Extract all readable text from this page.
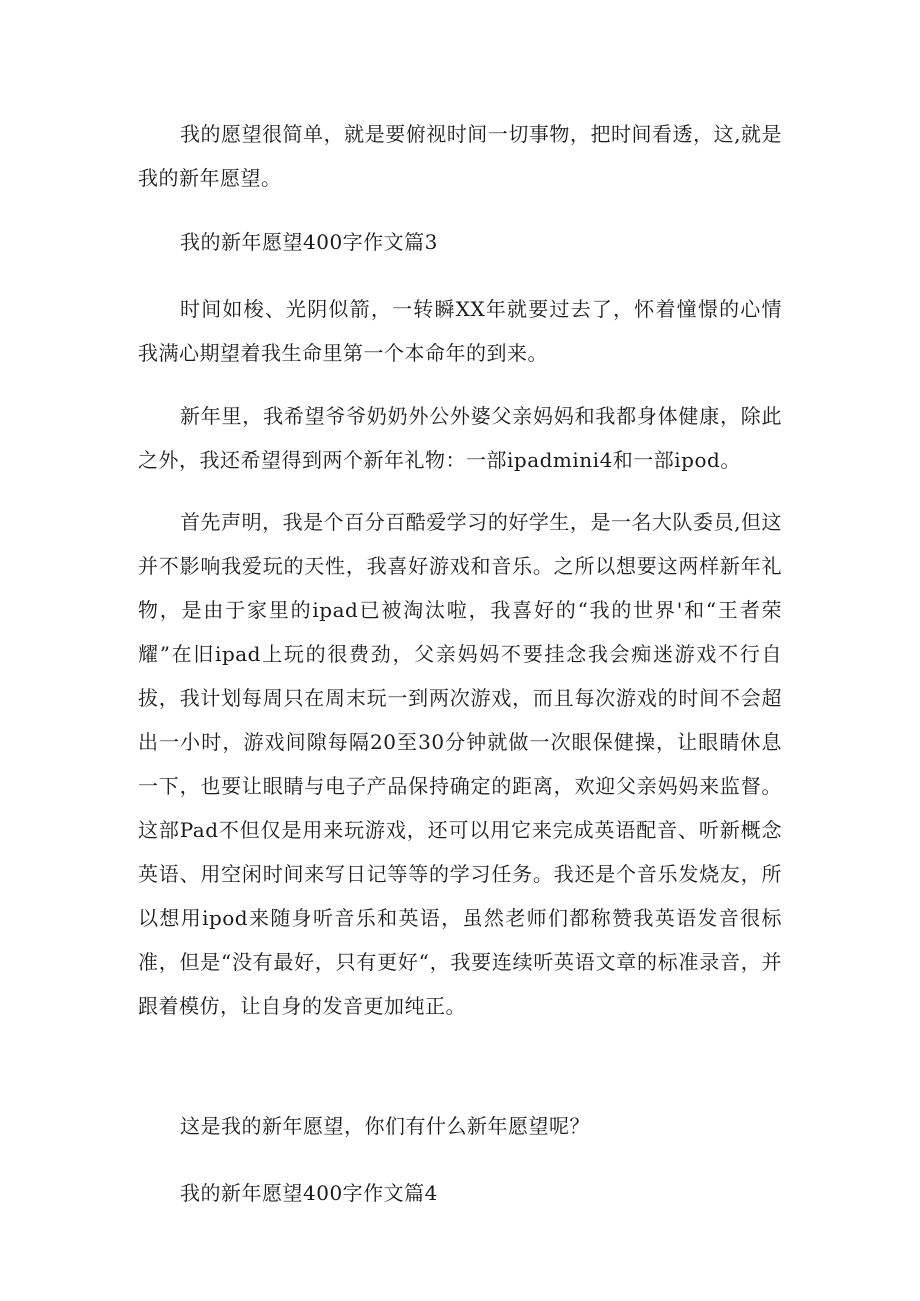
我的愿望很简单，就是要俯视时间一切事物，把时间看透，这,就是我的新年愿望。

我的新年愿望400字作文篇3

时间如梭、光阴似箭，一转瞬XX年就要过去了，怀着憧憬的心情我满心期望着我生命里第一个本命年的到来。

新年里，我希望爷爷奶奶外公外婆父亲妈妈和我都身体健康，除此之外，我还希望得到两个新年礼物：一部ipadmini4和一部ipod。

首先声明，我是个百分百酷爱学习的好学生，是一名大队委员,但这并不影响我爱玩的天性，我喜好游戏和音乐。之所以想要这两样新年礼物，是由于家里的ipad已被淘汰啦，我喜好的“我的世界'和“王者荣耀”在旧ipad上玩的很费劲，父亲妈妈不要挂念我会痴迷游戏不行自拔，我计划每周只在周末玩一到两次游戏，而且每次游戏的时间不会超出一小时，游戏间隙每隔20至30分钟就做一次眼保健操，让眼睛休息一下，也要让眼睛与电子产品保持确定的距离，欢迎父亲妈妈来监督。这部Pad不但仅是用来玩游戏，还可以用它来完成英语配音、听新概念英语、用空闲时间来写日记等等的学习任务。我还是个音乐发烧友，所以想用ipod来随身听音乐和英语，虽然老师们都称赞我英语发音很标准，但是“没有最好，只有更好“，我要连续听英语文章的标准录音，并跟着模仿，让自身的发音更加纯正。

这是我的新年愿望，你们有什么新年愿望呢？

我的新年愿望400字作文篇4
